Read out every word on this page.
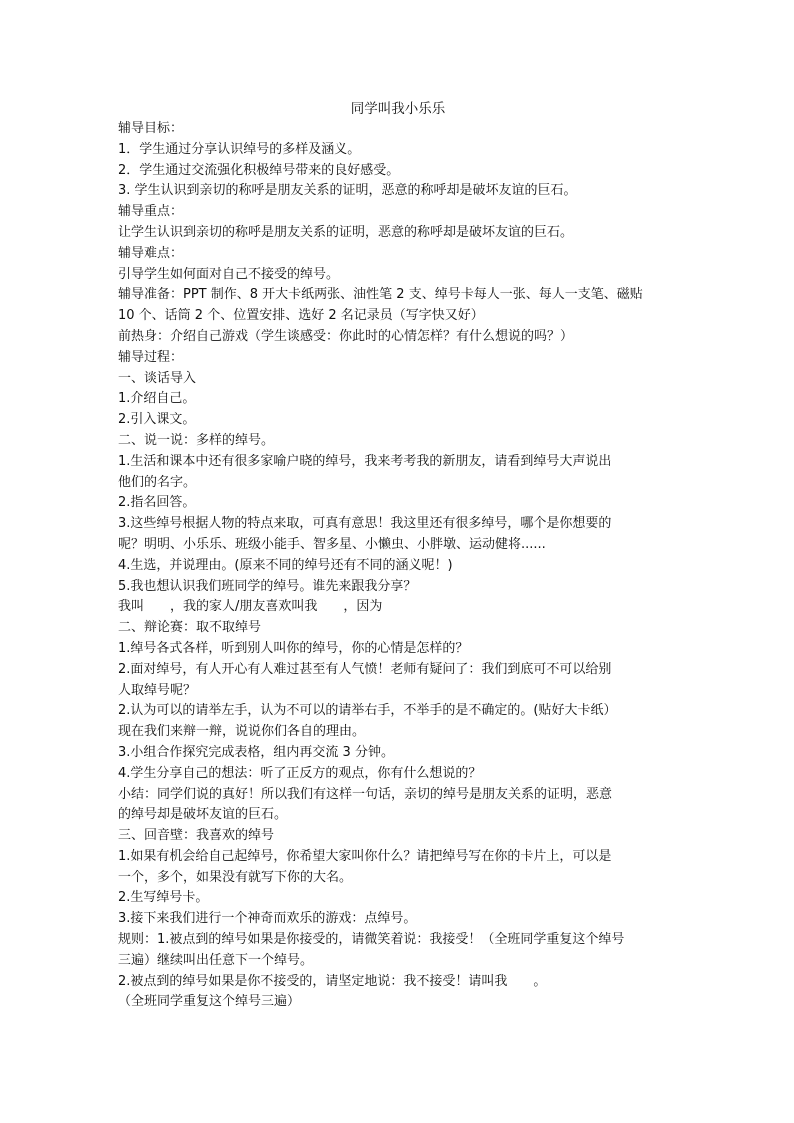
同学叫我小乐乐

辅导目标：

1．学生通过分享认识绰号的多样及涵义。

2．学生通过交流强化积极绰号带来的良好感受。

3. 学生认识到亲切的称呼是朋友关系的证明，恶意的称呼却是破坏友谊的巨石。

辅导重点：

让学生认识到亲切的称呼是朋友关系的证明，恶意的称呼却是破坏友谊的巨石。

辅导难点：

引导学生如何面对自己不接受的绰号。

辅导准备：PPT 制作、8 开大卡纸两张、油性笔 2 支、绰号卡每人一张、每人一支笔、磁贴

10 个、话筒 2 个、位置安排、选好 2 名记录员（写字快又好）

前热身：介绍自己游戏（学生谈感受：你此时的心情怎样？有什么想说的吗？）

辅导过程：

一、谈话导入

1.介绍自己。

2.引入课文。

二、说一说：多样的绰号。

1.生活和课本中还有很多家喻户晓的绰号，我来考考我的新朋友，请看到绰号大声说出

他们的名字。

2.指名回答。

3.这些绰号根据人物的特点来取，可真有意思！我这里还有很多绰号，哪个是你想要的

呢？明明、小乐乐、班级小能手、智多星、小懒虫、小胖墩、运动健将......

4.生选，并说理由。(原来不同的绰号还有不同的涵义呢！)

5.我也想认识我们班同学的绰号。谁先来跟我分享？

我叫　　，我的家人/朋友喜欢叫我　　，因为

二、辩论赛：取不取绰号

1.绰号各式各样，听到别人叫你的绰号，你的心情是怎样的？

2.面对绰号，有人开心有人难过甚至有人气愤！老师有疑问了：我们到底可不可以给别

人取绰号呢？

2.认为可以的请举左手，认为不可以的请举右手，不举手的是不确定的。(贴好大卡纸）

现在我们来辩一辩，说说你们各自的理由。

3.小组合作探究完成表格，组内再交流 3 分钟。

4.学生分享自己的想法：听了正反方的观点，你有什么想说的？

小结：同学们说的真好！所以我们有这样一句话，亲切的绰号是朋友关系的证明，恶意

的绰号却是破坏友谊的巨石。

三、回音壁：我喜欢的绰号

1.如果有机会给自己起绰号，你希望大家叫你什么？请把绰号写在你的卡片上，可以是

一个，多个，如果没有就写下你的大名。

2.生写绰号卡。

3.接下来我们进行一个神奇而欢乐的游戏：点绰号。

规则：1.被点到的绰号如果是你接受的，请微笑着说：我接受！（全班同学重复这个绰号

三遍）继续叫出任意下一个绰号。

2.被点到的绰号如果是你不接受的，请坚定地说：我不接受！请叫我　　。

（全班同学重复这个绰号三遍）
